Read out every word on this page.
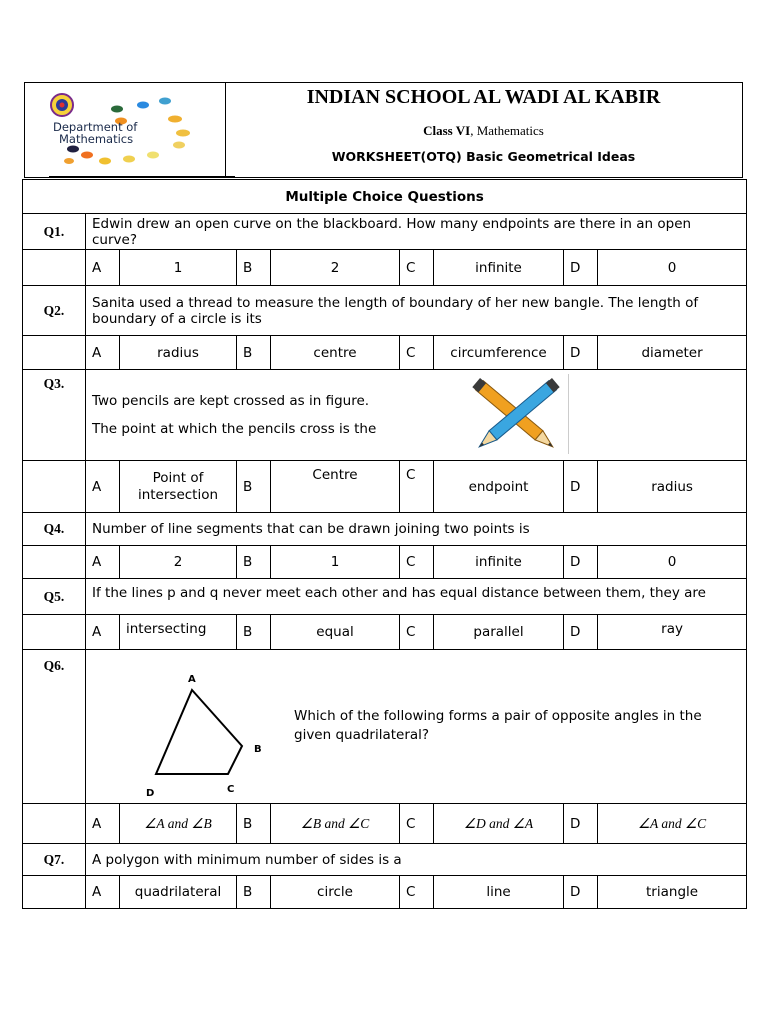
Department of
Mathematics
INDIAN SCHOOL AL WADI AL KABIR
Class VI, Mathematics
WORKSHEET(OTQ) Basic Geometrical Ideas
Multiple Choice Questions								
Q1.	Edwin drew an open curve on the blackboard. How many endpoints are there in an open curve?							
	A	1	B	2	C	infinite	D	0
Q2.	Sanita used a thread to measure the length of boundary of her new bangle. The length of boundary of a circle is its							
	A	radius	B	centre	C	circumference	D	diameter
Q3.	Two pencils are kept crossed as in figure.
The point at which the pencils cross is the							

	A	Point of intersection	B	Centre	C	endpoint	D	radius
Q4.	Number of line segments that can be drawn joining two points is							
	A	2	B	1	C	infinite	D	0
Q5.	If the lines p and q never meet each other and has equal distance between them, they are							
	A	intersecting	B	equal	C	parallel	D	ray
Q6.	A
B
C
D
Which of the following forms a pair of opposite angles in the given quadrilateral?							

	A	∠A and ∠B	B	∠B and ∠C	C	∠D and ∠A	D	∠A and ∠C
Q7.	A polygon with minimum number of sides is a							
	A	quadrilateral	B	circle	C	line	D	triangle
